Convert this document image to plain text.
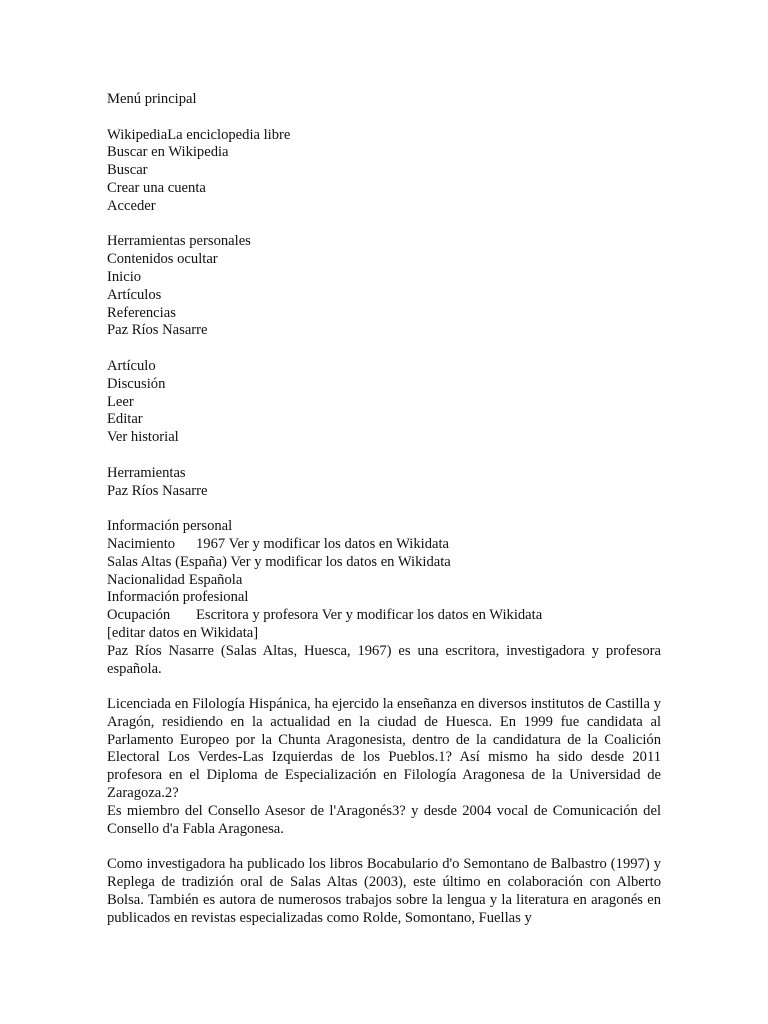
Menú principal
WikipediaLa enciclopedia libre
Buscar en Wikipedia
Buscar
Crear una cuenta
Acceder
Herramientas personales
Contenidos ocultar
Inicio
Artículos
Referencias
Paz Ríos Nasarre
Artículo
Discusión
Leer
Editar
Ver historial
Herramientas
Paz Ríos Nasarre
Información personal
Nacimiento 1967 Ver y modificar los datos en Wikidata
Salas Altas (España) Ver y modificar los datos en Wikidata
Nacionalidad Española
Información profesional
Ocupación Escritora y profesora Ver y modificar los datos en Wikidata
[editar datos en Wikidata]
Paz Ríos Nasarre (Salas Altas, Huesca, 1967) es una escritora, investigadora y profesora española.
Licenciada en Filología Hispánica, ha ejercido la enseñanza en diversos institutos de Castilla y Aragón, residiendo en la actualidad en la ciudad de Huesca. En 1999 fue candidata al Parlamento Europeo por la Chunta Aragonesista, dentro de la candidatura de la Coalición Electoral Los Verdes-Las Izquierdas de los Pueblos.1? Así mismo ha sido desde 2011 profesora en el Diploma de Especialización en Filología Aragonesa de la Universidad de Zaragoza.2?
Es miembro del Consello Asesor de l'Aragonés3? y desde 2004 vocal de Comunicación del Consello d'a Fabla Aragonesa.
Como investigadora ha publicado los libros Bocabulario d'o Semontano de Balbastro (1997) y Replega de tradizión oral de Salas Altas (2003), este último en colaboración con Alberto Bolsa. También es autora de numerosos trabajos sobre la lengua y la literatura en aragonés en publicados en revistas especializadas como Rolde, Somontano, Fuellas y
